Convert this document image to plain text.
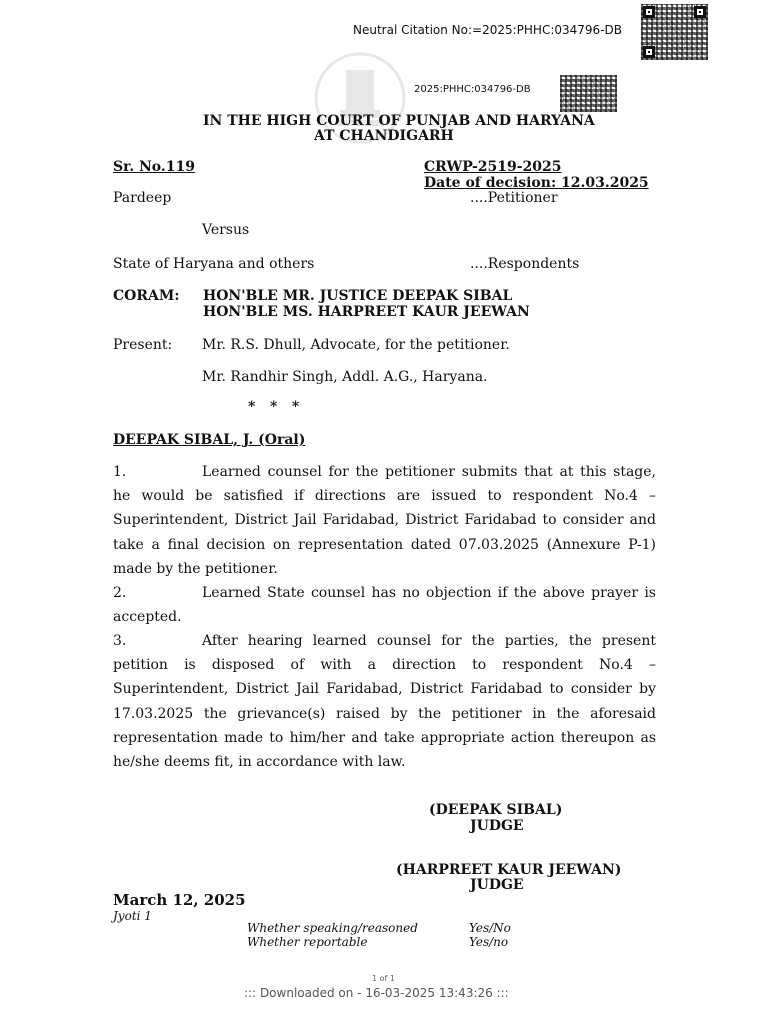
Neutral Citation No:=2025:PHHC:034796-DB
2025:PHHC:034796-DB
IN THE HIGH COURT OF PUNJAB AND HARYANA
AT CHANDIGARH
Sr. No.119	CRWP-2519-2025
Date of decision: 12.03.2025
Pardeep	....Petitioner
Versus
State of Haryana and others	....Respondents
CORAM: HON'BLE MR. JUSTICE DEEPAK SIBAL
HON'BLE MS. HARPREET KAUR JEEWAN
Present: Mr. R.S. Dhull, Advocate, for the petitioner.
Mr. Randhir Singh, Addl. A.G., Haryana.
*   *   *
DEEPAK SIBAL, J. (Oral)
1.	Learned counsel for the petitioner submits that at this stage, he would be satisfied if directions are issued to respondent No.4 – Superintendent, District Jail Faridabad, District Faridabad to consider and take a final decision on representation dated 07.03.2025 (Annexure P-1) made by the petitioner.
2.	Learned State counsel has no objection if the above prayer is accepted.
3.	After hearing learned counsel for the parties, the present petition is disposed of with a direction to respondent No.4 – Superintendent, District Jail Faridabad, District Faridabad to consider by 17.03.2025 the grievance(s) raised by the petitioner in the aforesaid representation made to him/her and take appropriate action thereupon as he/she deems fit, in accordance with law.
(DEEPAK SIBAL)
JUDGE
(HARPREET KAUR JEEWAN)
JUDGE
March 12, 2025
Jyoti 1
Whether speaking/reasoned	Yes/No
Whether reportable	Yes/no
1 of 1
::: Downloaded on - 16-03-2025 13:43:26 :::
